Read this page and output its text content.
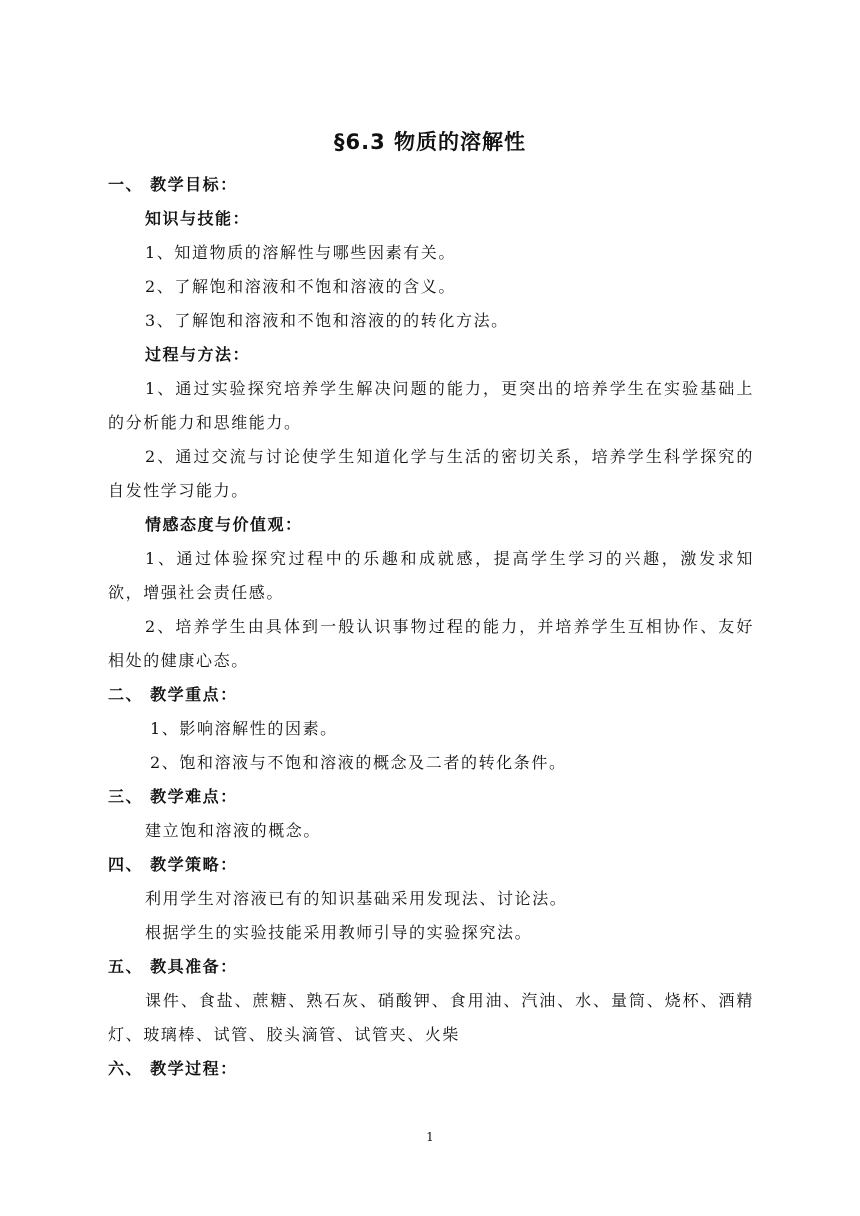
§6.3 物质的溶解性
一、 教学目标：
知识与技能：
1、知道物质的溶解性与哪些因素有关。
2、了解饱和溶液和不饱和溶液的含义。
3、了解饱和溶液和不饱和溶液的的转化方法。
过程与方法：
1、通过实验探究培养学生解决问题的能力，更突出的培养学生在实验基础上的分析能力和思维能力。
2、通过交流与讨论使学生知道化学与生活的密切关系，培养学生科学探究的自发性学习能力。
情感态度与价值观：
1、通过体验探究过程中的乐趣和成就感，提高学生学习的兴趣，激发求知欲，增强社会责任感。
2、培养学生由具体到一般认识事物过程的能力，并培养学生互相协作、友好相处的健康心态。
二、 教学重点：
1、影响溶解性的因素。
2、饱和溶液与不饱和溶液的概念及二者的转化条件。
三、 教学难点：
建立饱和溶液的概念。
四、 教学策略：
利用学生对溶液已有的知识基础采用发现法、讨论法。
根据学生的实验技能采用教师引导的实验探究法。
五、 教具准备：
课件、食盐、蔗糖、熟石灰、硝酸钾、食用油、汽油、水、量筒、烧杯、酒精灯、玻璃棒、试管、胶头滴管、试管夹、火柴
六、 教学过程：
1
